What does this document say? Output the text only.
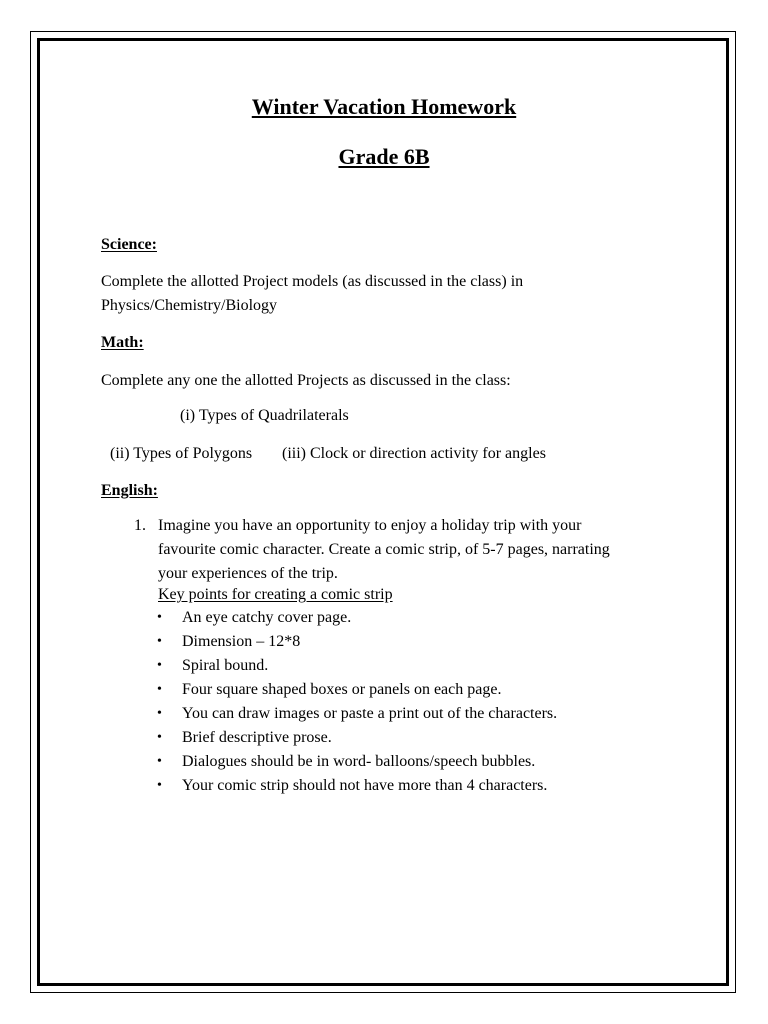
Winter Vacation Homework
Grade 6B
Science:
Complete the allotted Project models (as discussed in the class) in
Physics/Chemistry/Biology
Math:
Complete any one the allotted Projects as discussed in the class:
(i) Types of Quadrilaterals
(ii) Types of Polygons (iii) Clock or direction activity for angles
English:
1. Imagine you have an opportunity to enjoy a holiday trip with your
favourite comic character. Create a comic strip, of 5-7 pages, narrating
your experiences of the trip.
Key points for creating a comic strip
• An eye catchy cover page.
• Dimension – 12*8
• Spiral bound.
• Four square shaped boxes or panels on each page.
• You can draw images or paste a print out of the characters.
• Brief descriptive prose.
• Dialogues should be in word- balloons/speech bubbles.
• Your comic strip should not have more than 4 characters.
